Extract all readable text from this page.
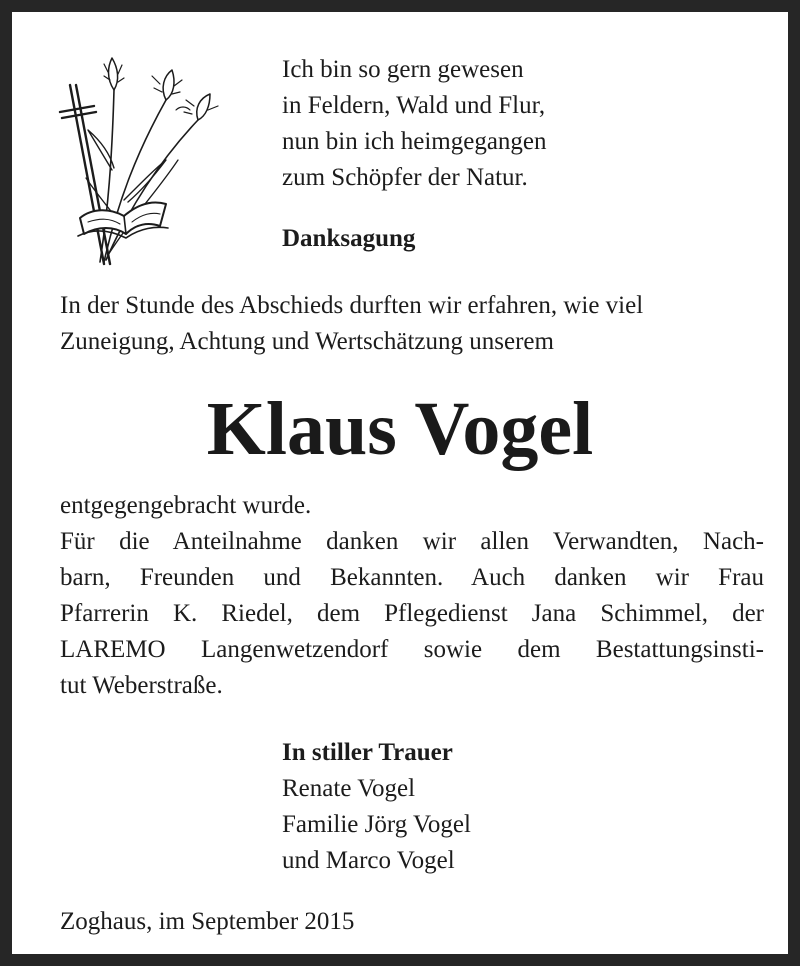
Ich bin so gern gewesen
in Feldern, Wald und Flur,
nun bin ich heimgegangen
zum Schöpfer der Natur.
Danksagung
In der Stunde des Abschieds durften wir erfahren, wie viel
Zuneigung, Achtung und Wertschätzung unserem
Klaus Vogel
entgegengebracht wurde.
Für die Anteilnahme danken wir allen Verwandten, Nach-
barn, Freunden und Bekannten. Auch danken wir Frau
Pfarrerin K. Riedel, dem Pflegedienst Jana Schimmel, der
LAREMO Langenwetzendorf sowie dem Bestattungsinsti-
tut Weberstraße.
In stiller Trauer
Renate Vogel
Familie Jörg Vogel
und Marco Vogel
Zoghaus, im September 2015
